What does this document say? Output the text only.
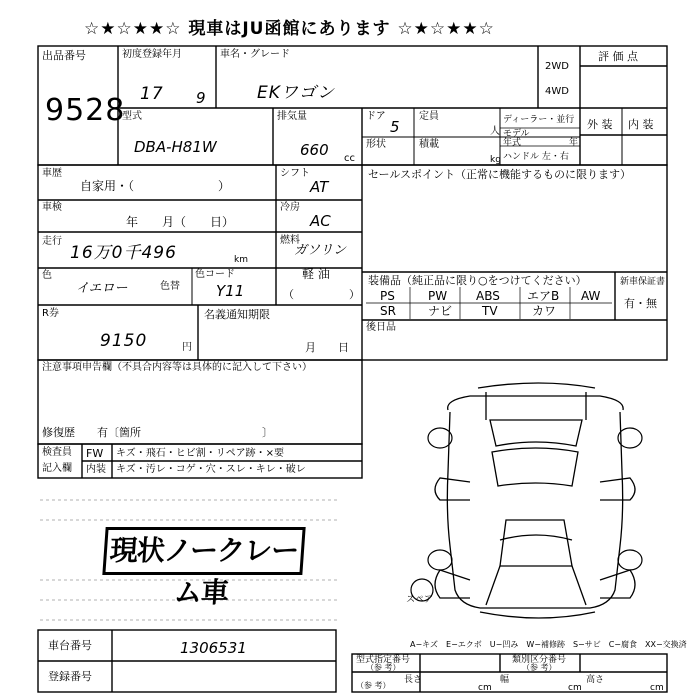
☆★☆★★☆ 現車はJU函館にあります ☆★☆★★☆
出品番号
9528
初度登録年月
17 9
車名・グレード
EKワゴン
2WD
4WD
評 価 点
外 装 内 装
型式
DBA-H81W
排気量
660 cc
ドア
5
定員
人
ディーラー・並行
モデル
年式	年
形状	積載
kg ハンドル 左・右
車歴
自家用・（　　　　　　　）
シフト
AT
セールスポイント（正常に機能するものに限ります）
車検
年　　月（　　日）
冷房
AC
走行
16万0千496	km
燃料
ガソリン
軽 油
（　　　　　）
色
イエロー	色替
色コード
Y11
装備品（純正品に限り○をつけてください）
PS	PW ABS エアB AW
SR	ナビ TV	カワ
新車保証書
有・無
R券
9150	円
名義通知期限
月　　日
後日品
注意事項申告欄（不具合内容等は具体的に記入して下さい）
修復歴　　有〔箇所　　　　　　　　　　　〕
検査員
記入欄
FW キズ・飛石・ヒビ割・リペア跡・×要
内装 キズ・汚レ・コゲ・穴・スレ・キレ・破レ
現状ノークレーム車	スペア
車台番号	1306531
登録番号
A−キズ　E−エクボ　U−凹み　W−補修跡　S−サビ　C−腐食　XX−交換済
型式指定番号
（参 考）
類別区分番号
（参 考）
（参 考）
長さ
cm
幅
cm
高さ
cm
